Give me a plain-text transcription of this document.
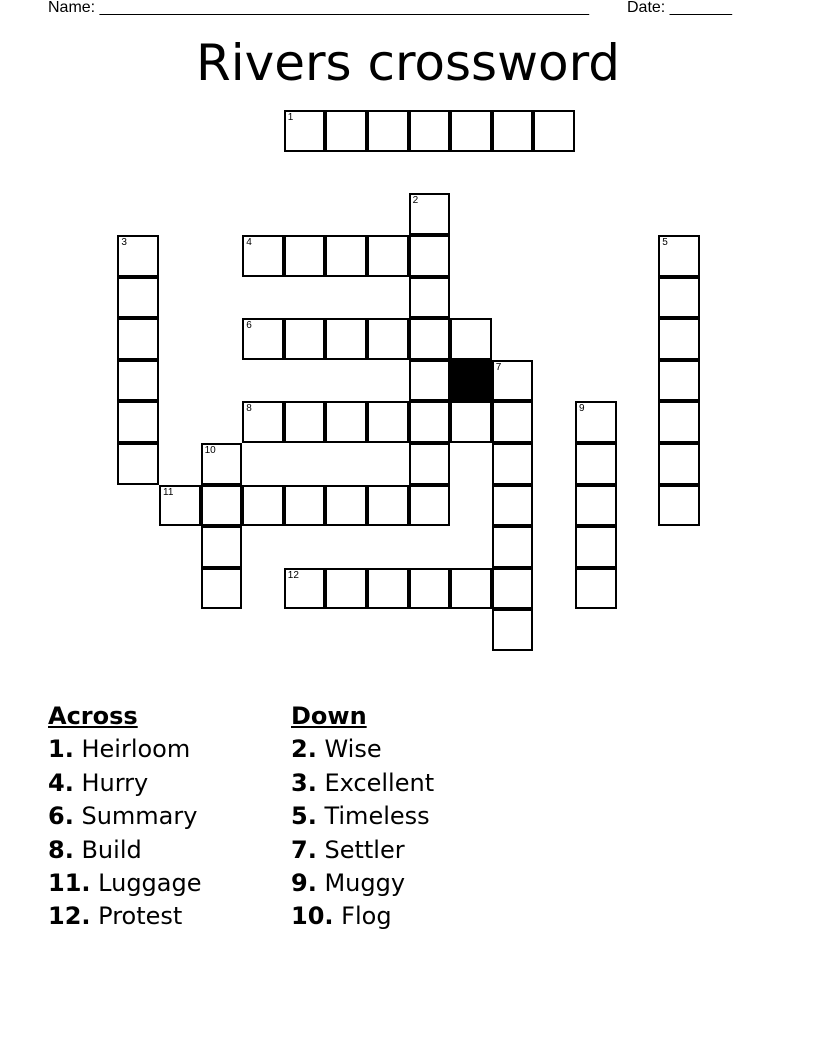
Name: _______________________________________________________ Date: _______
Rivers crossword
1
2
3	4	5
6
7
8	9
10
11
12
Across
1. Heirloom
4. Hurry
6. Summary
8. Build
11. Luggage
12. Protest
Down
2. Wise
3. Excellent
5. Timeless
7. Settler
9. Muggy
10. Flog
